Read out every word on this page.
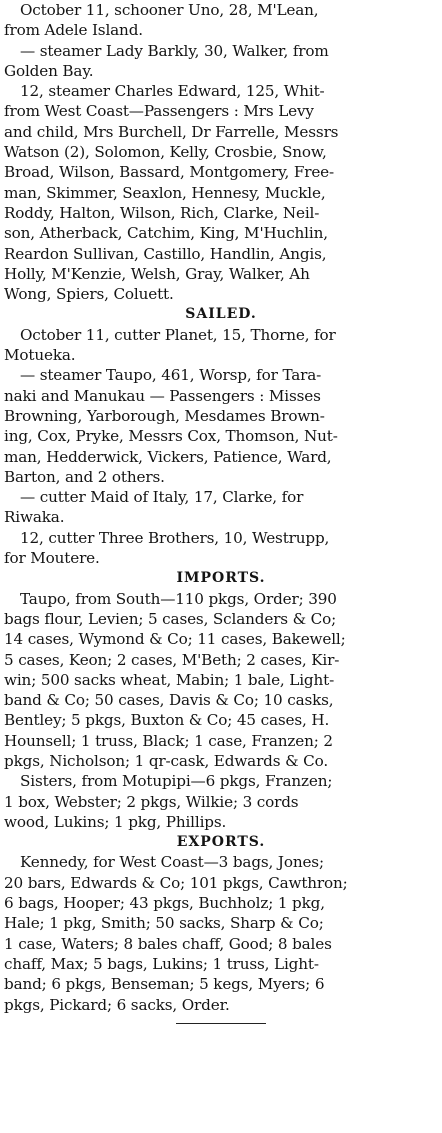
October 11, schooner Uno, 28, M'Lean,
from Adele Island.
— steamer Lady Barkly, 30, Walker, from
Golden Bay.
12, steamer Charles Edward, 125, Whit-
from West Coast—Passengers : Mrs Levy
and child, Mrs Burchell, Dr Farrelle, Messrs
Watson (2), Solomon, Kelly, Crosbie, Snow,
Broad, Wilson, Bassard, Montgomery, Free-
man, Skimmer, Seaxlon, Hennesy, Muckle,
Roddy, Halton, Wilson, Rich, Clarke, Neil-
son, Atherback, Catchim, King, M'Huchlin,
Reardon Sullivan, Castillo, Handlin, Angis,
Holly, M'Kenzie, Welsh, Gray, Walker, Ah
Wong, Spiers, Coluett.
SAILED.
October 11, cutter Planet, 15, Thorne, for
Motueka.
— steamer Taupo, 461, Worsp, for Tara-
naki and Manukau — Passengers : Misses
Browning, Yarborough, Mesdames Brown-
ing, Cox, Pryke, Messrs Cox, Thomson, Nut-
man, Hedderwick, Vickers, Patience, Ward,
Barton, and 2 others.
— cutter Maid of Italy, 17, Clarke, for
Riwaka.
12, cutter Three Brothers, 10, Westrupp,
for Moutere.
IMPORTS.
Taupo, from South—110 pkgs, Order; 390
bags flour, Levien; 5 cases, Sclanders & Co;
14 cases, Wymond & Co; 11 cases, Bakewell;
5 cases, Keon; 2 cases, M'Beth; 2 cases, Kir-
win; 500 sacks wheat, Mabin; 1 bale, Light-
band & Co; 50 cases, Davis & Co; 10 casks,
Bentley; 5 pkgs, Buxton & Co; 45 cases, H.
Hounsell; 1 truss, Black; 1 case, Franzen; 2
pkgs, Nicholson; 1 qr-cask, Edwards & Co.
Sisters, from Motupipi—6 pkgs, Franzen;
1 box, Webster; 2 pkgs, Wilkie; 3 cords
wood, Lukins; 1 pkg, Phillips.
EXPORTS.
Kennedy, for West Coast—3 bags, Jones;
20 bars, Edwards & Co; 101 pkgs, Cawthron;
6 bags, Hooper; 43 pkgs, Buchholz; 1 pkg,
Hale; 1 pkg, Smith; 50 sacks, Sharp & Co;
1 case, Waters; 8 bales chaff, Good; 8 bales
chaff, Max; 5 bags, Lukins; 1 truss, Light-
band; 6 pkgs, Benseman; 5 kegs, Myers; 6
pkgs, Pickard; 6 sacks, Order.
